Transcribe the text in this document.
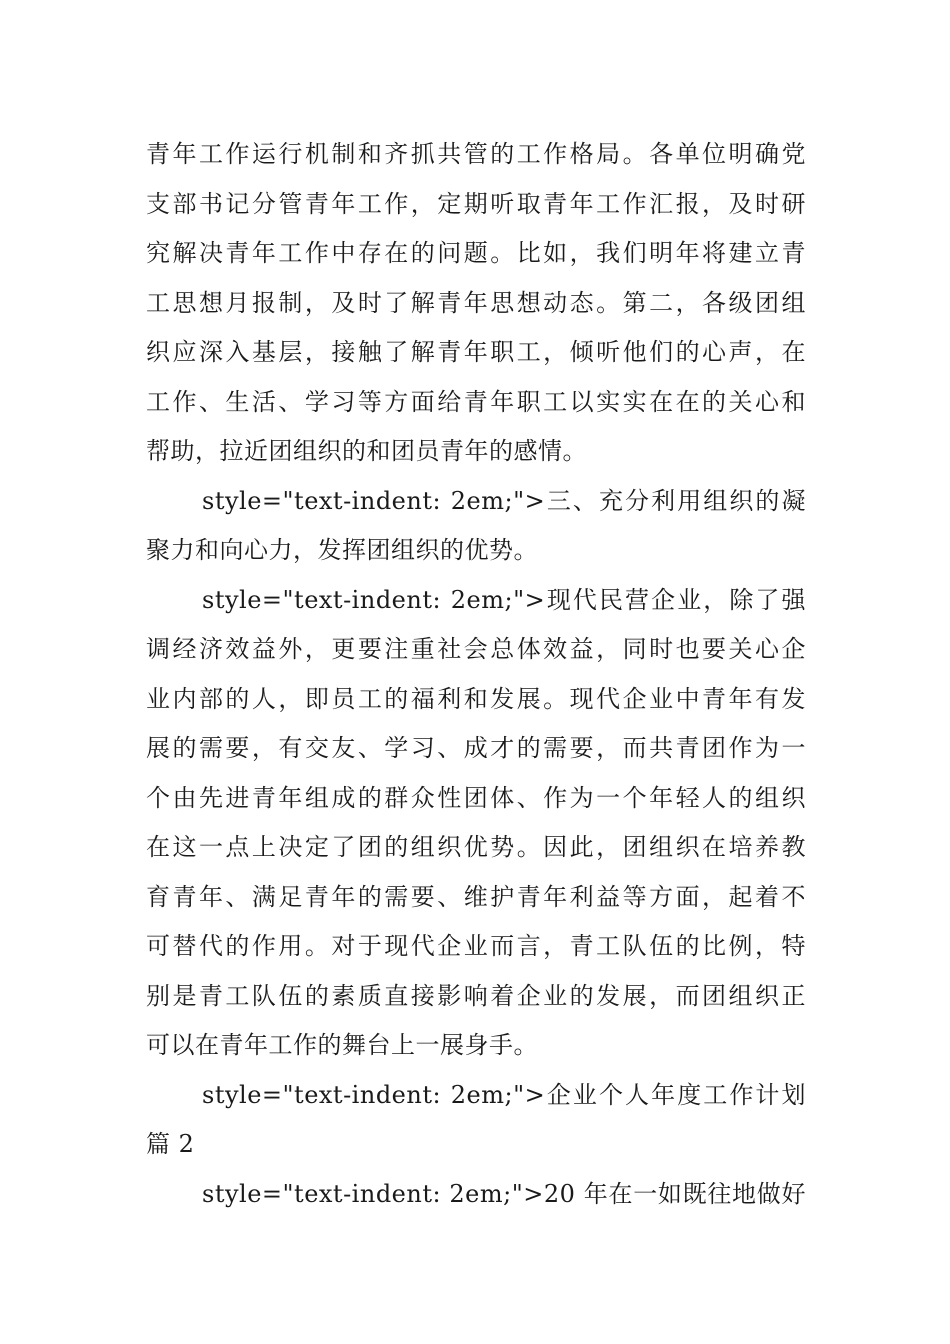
青年工作运行机制和齐抓共管的工作格局。各单位明确党
支部书记分管青年工作，定期听取青年工作汇报，及时研
究解决青年工作中存在的问题。比如，我们明年将建立青
工思想月报制，及时了解青年思想动态。第二，各级团组
织应深入基层，接触了解青年职工，倾听他们的心声，在
工作、生活、学习等方面给青年职工以实实在在的关心和
帮助，拉近团组织的和团员青年的感情。
style="text-indent: 2em;">三、充分利用组织的凝
聚力和向心力，发挥团组织的优势。
style="text-indent: 2em;">现代民营企业，除了强
调经济效益外，更要注重社会总体效益，同时也要关心企
业内部的人，即员工的福利和发展。现代企业中青年有发
展的需要，有交友、学习、成才的需要，而共青团作为一
个由先进青年组成的群众性团体、作为一个年轻人的组织
在这一点上决定了团的组织优势。因此，团组织在培养教
育青年、满足青年的需要、维护青年利益等方面，起着不
可替代的作用。对于现代企业而言，青工队伍的比例，特
别是青工队伍的素质直接影响着企业的发展，而团组织正
可以在青年工作的舞台上一展身手。
style="text-indent: 2em;">企业个人年度工作计划
篇 2
style="text-indent: 2em;">20 年在一如既往地做好
